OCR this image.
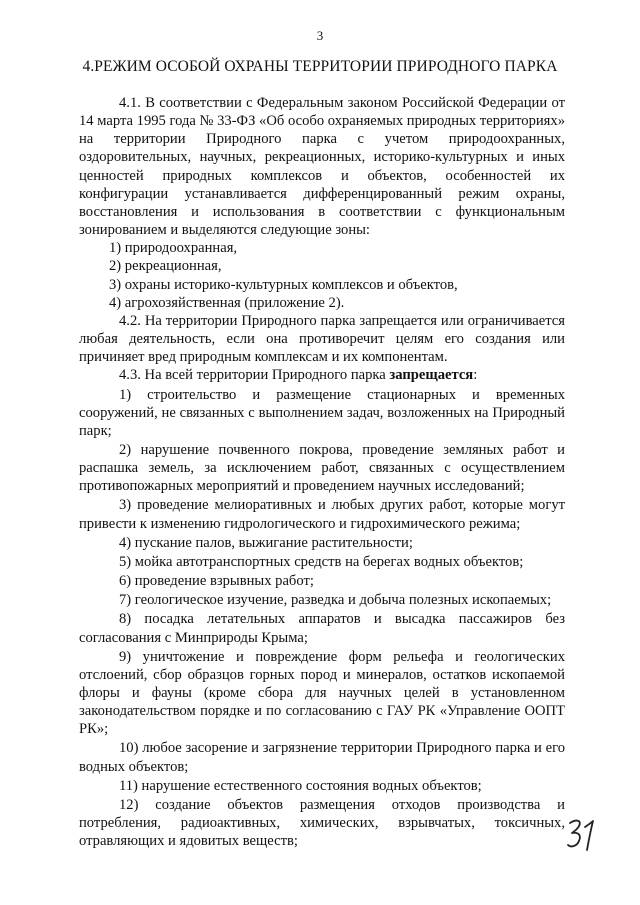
3
4.РЕЖИМ ОСОБОЙ ОХРАНЫ ТЕРРИТОРИИ ПРИРОДНОГО ПАРКА
4.1. В соответствии с Федеральным законом Российской Федерации от 14 марта 1995 года № 33-ФЗ «Об особо охраняемых природных территориях» на территории Природного парка с учетом природоохранных, оздоровительных, научных, рекреационных, историко-культурных и иных ценностей природных комплексов и объектов, особенностей их конфигурации устанавливается дифференцированный режим охраны, восстановления и использования в соответствии с функциональным зонированием и выделяются следующие зоны:
1) природоохранная,
2) рекреационная,
3) охраны историко-культурных комплексов и объектов,
4) агрохозяйственная (приложение 2).
4.2. На территории Природного парка запрещается или ограничивается любая деятельность, если она противоречит целям его создания или причиняет вред природным комплексам и их компонентам.
4.3. На всей территории Природного парка запрещается:
1) строительство и размещение стационарных и временных сооружений, не связанных с выполнением задач, возложенных на Природный парк;
2) нарушение почвенного покрова, проведение земляных работ и распашка земель, за исключением работ, связанных с осуществлением противопожарных мероприятий и проведением научных исследований;
3) проведение мелиоративных и любых других работ, которые могут привести к изменению гидрологического и гидрохимического режима;
4) пускание палов, выжигание растительности;
5) мойка автотранспортных средств на берегах водных объектов;
6) проведение взрывных работ;
7) геологическое изучение, разведка и добыча полезных ископаемых;
8) посадка летательных аппаратов и высадка пассажиров без согласования с Минприроды Крыма;
9) уничтожение и повреждение форм рельефа и геологических отслоений, сбор образцов горных пород и минералов, остатков ископаемой флоры и фауны (кроме сбора для научных целей в установленном законодательством порядке и по согласованию с ГАУ РК «Управление ООПТ РК»;
10) любое засорение и загрязнение территории Природного парка и его водных объектов;
11) нарушение естественного состояния водных объектов;
12) создание объектов размещения отходов производства и потребления, радиоактивных, химических, взрывчатых, токсичных, отравляющих и ядовитых веществ;
